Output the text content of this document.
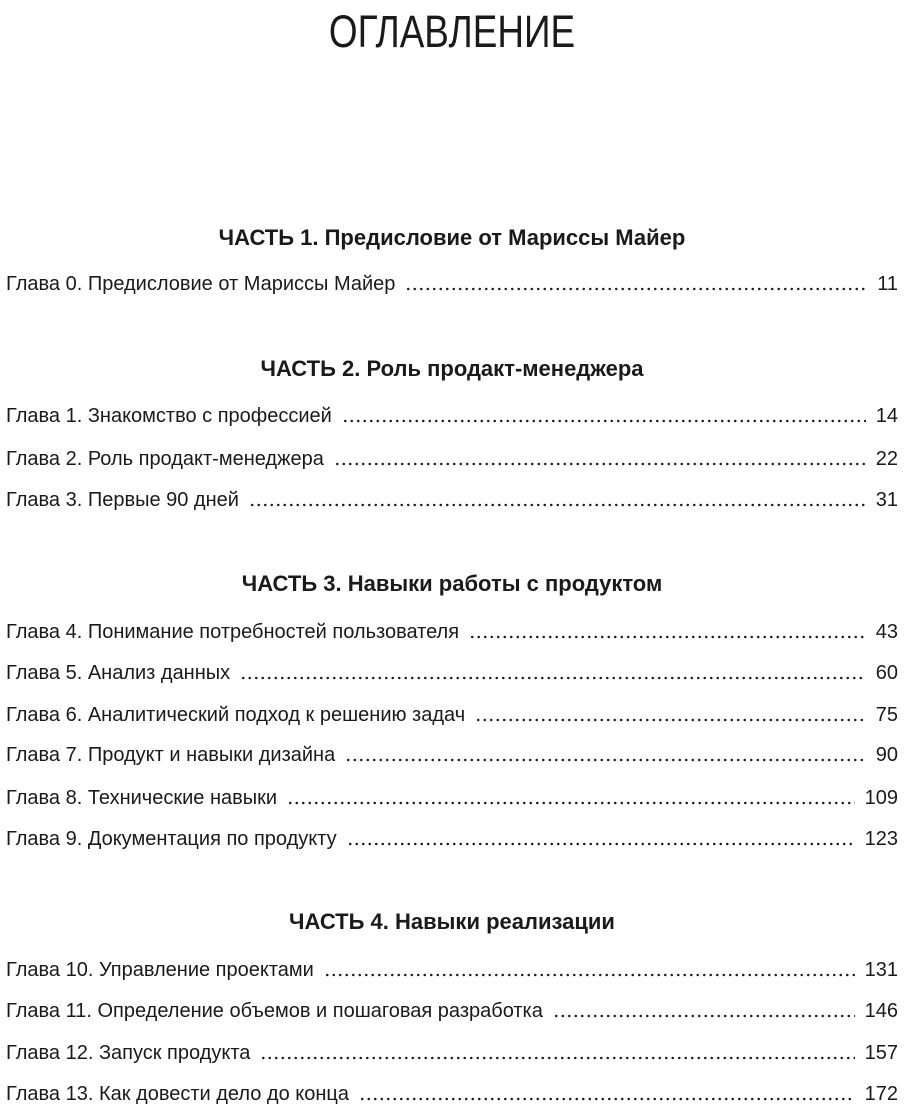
ОГЛАВЛЕНИЕ
ЧАСТЬ 1. Предисловие от Мариссы Майер
Глава 0. Предисловие от Мариссы Майер	11
ЧАСТЬ 2. Роль продакт-менеджера
Глава 1. Знакомство с профессией	14
Глава 2. Роль продакт-менеджера	22
Глава 3. Первые 90 дней	31
ЧАСТЬ 3. Навыки работы с продуктом
Глава 4. Понимание потребностей пользователя	43
Глава 5. Анализ данных	60
Глава 6. Аналитический подход к решению задач	75
Глава 7. Продукт и навыки дизайна	90
Глава 8. Технические навыки	109
Глава 9. Документация по продукту	123
ЧАСТЬ 4. Навыки реализации
Глава 10. Управление проектами	131
Глава 11. Определение объемов и пошаговая разработка	146
Глава 12. Запуск продукта	157
Глава 13. Как довести дело до конца	172
